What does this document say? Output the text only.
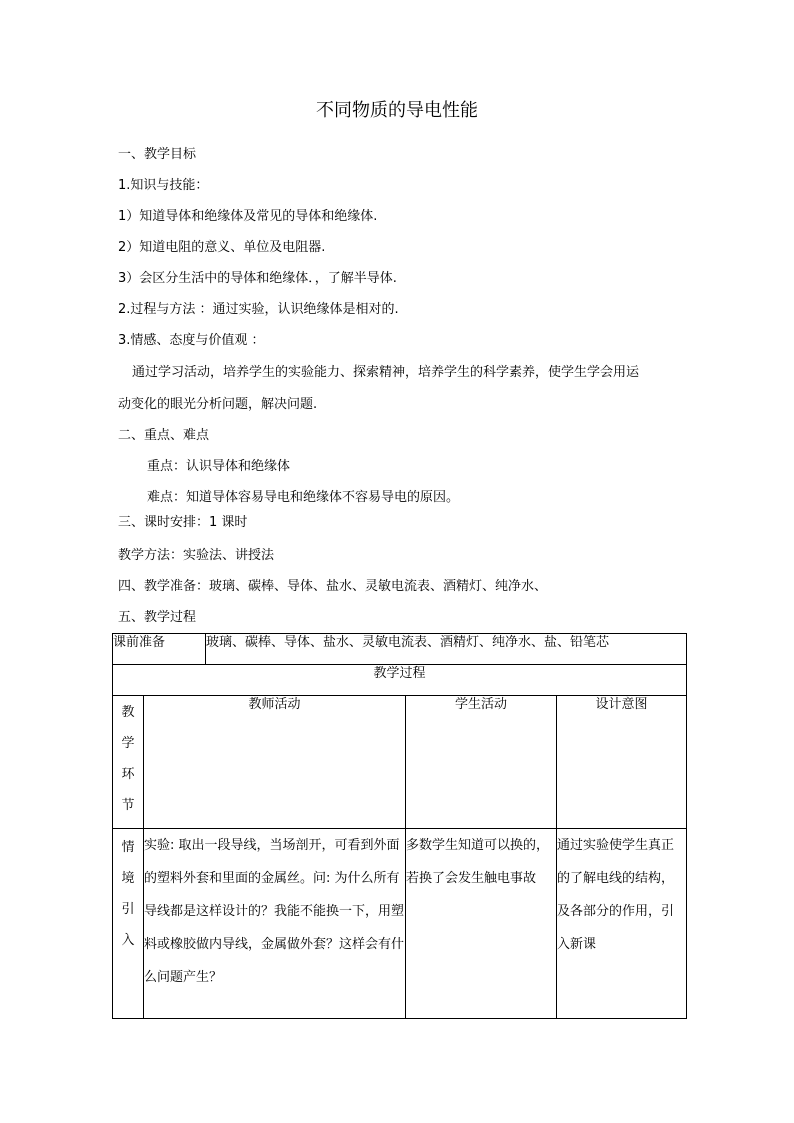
不同物质的导电性能
一、教学目标
1.知识与技能：
1）知道导体和绝缘体及常见的导体和绝缘体.
2）知道电阻的意义、单位及电阻器.
3）会区分生活中的导体和绝缘体．，了解半导体.
2.过程与方法 ：通过实验，认识绝缘体是相对的.
3.情感、态度与价值观 ：
通过学习活动，培养学生的实验能力、探索精神，培养学生的科学素养，使学生学会用运
动变化的眼光分析问题，解决问题.
二、重点、难点
重点：认识导体和绝缘体
难点：知道导体容易导电和绝缘体不容易导电的原因。
三、课时安排：1 课时
教学方法：实验法、讲授法
四、教学准备：玻璃、碳棒、导体、盐水、灵敏电流表、酒精灯、纯净水、
五、教学过程
课前准备		玻璃、碳棒、导体、盐水、灵敏电流表、酒精灯、纯净水、盐、铅笔芯		
教学过程				

教
学
环
节	教师活动		学生活动	设计意图

情
境
引
入	实验: 取出一段导线，当场剖开，可看到外面的塑料外套和里面的金属丝。问: 为什么所有导线都是这样设计的？我能不能换一下，用塑料或橡胶做内导线，金属做外套？这样会有什么问题产生？		多数学生知道可以换的，若换了会发生触电事故	通过实验使学生真正的了解电线的结构，及各部分的作用，引入新课
